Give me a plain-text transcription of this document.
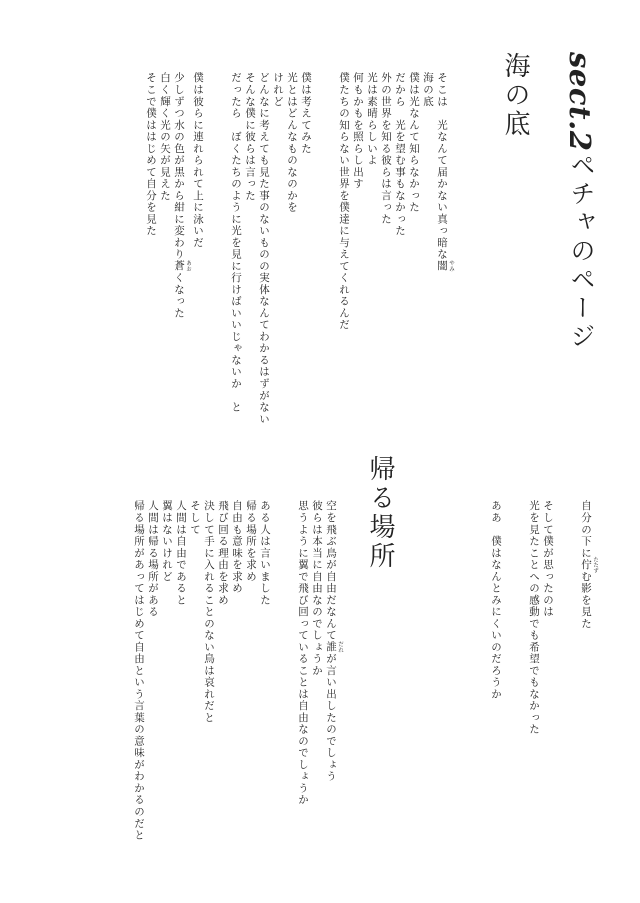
sect.2
ペチャのページ
海の底
そこは　光なんて届かない真っ暗な闇 やみ
海の底
僕は光なんて知らなかった
だから　光を望む事もなかった
外の世界を知る彼らは言った
光は素晴らしいよ
何もかもを照らし出す
僕たちの知らない世界を僕達に与えてくれるんだ
僕は考えてみた
光とはどんなものなのかを
けれど
どんなに考えても見た事のないものの実体なんてわかるはずがない
そんな僕に彼らは言った
だったら　ぼくたちのように光を見に行けばいいじゃないか　と
僕は彼らに連れられて上に泳いだ
少しずつ水の色が黒から紺に変わり蒼 あおくなった
白く輝く光の矢が見えた
そこで僕ははじめて自分を見た
自分の下に佇 たたずむ影を見た
そして僕が思ったのは
光を見たことへの感動でも希望でもなかった
ああ　僕はなんとみにくいのだろうか
帰る場所
空を飛ぶ鳥が自由だなんて誰 だれが言い出したのでしょう
彼らは本当に自由なのでしょうか
思うように翼で飛び回っていることは自由なのでしょうか
ある人は言いました
帰る場所を求め
自由も意味を求め
飛び回る理由を求め
決して手に入れることのない鳥は哀れだと
そして
人間は自由であると
翼はないけれど
人間は帰る場所がある
帰る場所があってはじめて自由という言葉の意味がわかるのだと
